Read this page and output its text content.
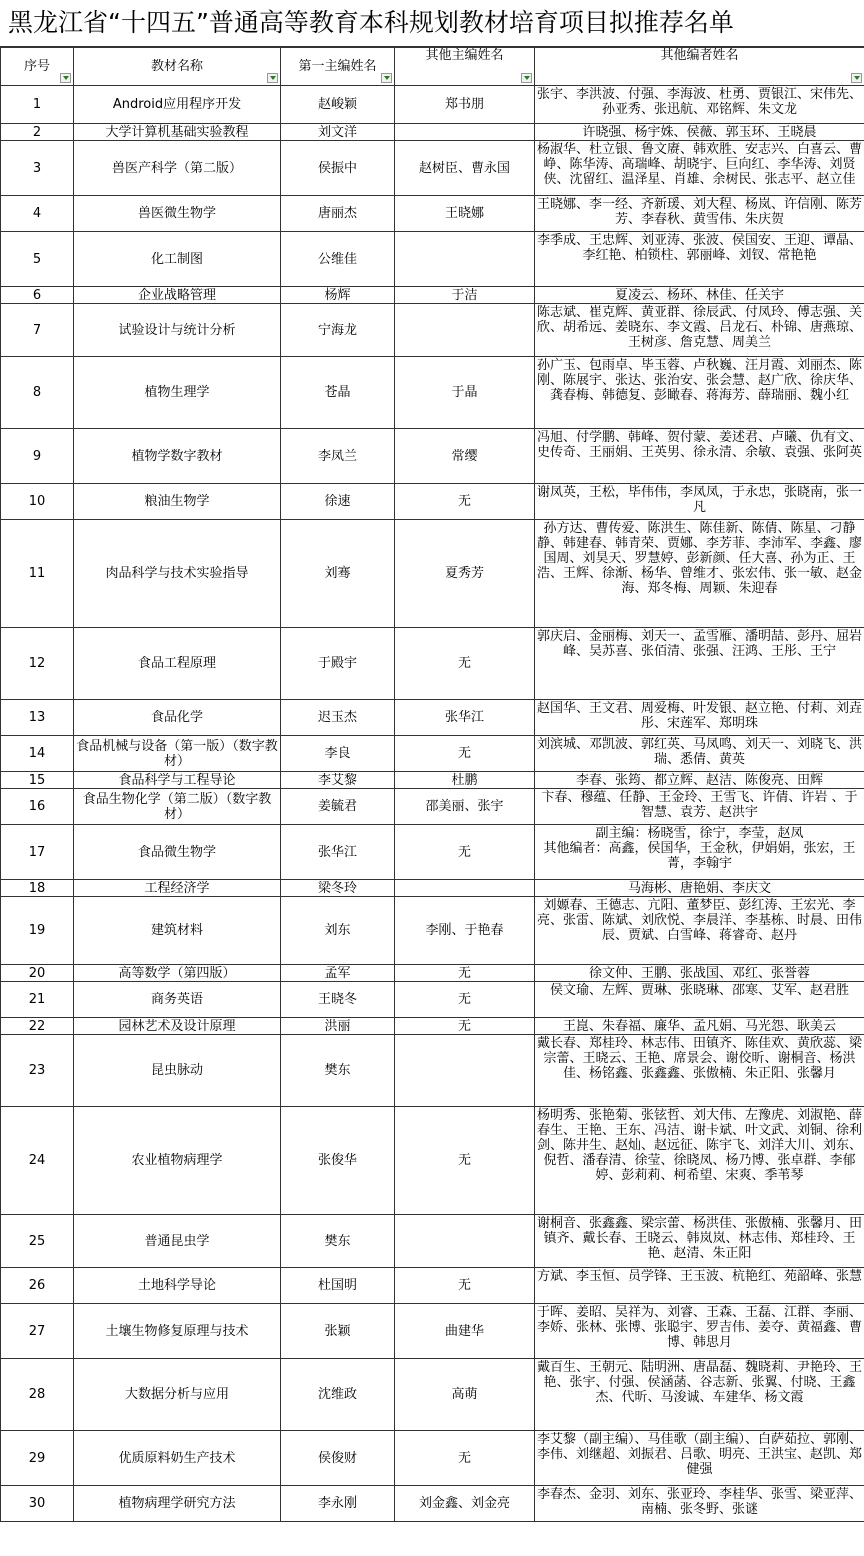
黑龙江省“十四五”普通高等教育本科规划教材培育项目拟推荐名单
序号	教材名称	第一主编姓名	其他主编姓名	其他编者姓名

1	Android应用程序开发	赵峻颖	郑书朋	张宇、李洪波、付强、李海波、杜勇、贾银江、宋伟先、孙亚秀、张迅航、邓铭辉、朱文龙

2	大学计算机基础实验教程	刘文洋		许晓强、杨宇姝、侯薇、郭玉环、王晓晨

3	兽医产科学（第二版）	侯振中	赵树臣、曹永国	杨淑华、杜立银、鲁文赓、韩欢胜、安志兴、白喜云、曹峥、陈华涛、高瑞峰、胡晓宇、巨向红、李华涛、刘贤侠、沈留红、温泽星、肖雄、余树民、张志平、赵立佳

4	兽医微生物学	唐丽杰	王晓娜	王晓娜、李一经、齐新瑗、刘大程、杨岚、许信刚、陈芳芳、李春秋、黄雪伟、朱庆贺

5	化工制图	公维佳		李季成、王忠辉、刘亚涛、张波、侯国安、王迎、谭晶、李红艳、柏锁柱、郭丽峰、刘钗、常艳艳

6	企业战略管理	杨辉	于洁	夏凌云、杨环、林佳、任关宇

7	试验设计与统计分析	宁海龙		陈志斌、崔克辉、黄亚群、徐辰武、付凤玲、傅志强、关欣、胡希远、姜晓东、李文霞、吕龙石、朴锦、唐燕琼、王树彦、詹克慧、周美兰

8	植物生理学	苍晶	于晶	孙广玉、包雨卓、毕玉蓉、卢秋巍、汪月霞、刘丽杰、陈刚、陈展宇、张达、张治安、张会慧、赵广欣、徐庆华、龚春梅、韩德复、彭瞰春、蒋海芳、薛瑞丽、魏小红

9	植物学数字教材	李凤兰	常缨	冯旭、付学鹏、韩峰、贺付蒙、姜述君、卢曦、仇有文、史传奇、王丽娟、王英男、徐永清、余敏、袁强、张阿英

10	粮油生物学	徐速	无	谢凤英，王松，毕伟伟，李凤凤，于永忠，张晓南，张一凡

11	肉品科学与技术实验指导	刘骞	夏秀芳	孙方达、曹传爱、陈洪生、陈佳新、陈倩、陈星、刁静静、韩建春、韩青荣、贾娜、李芳菲、李沛军、李鑫、廖国周、刘昊天、罗慧婷、彭新颜、任大喜、孙为正、王浩、王辉、徐渐、杨华、曾维才、张宏伟、张一敏、赵金海、郑冬梅、周颖、朱迎春

12	食品工程原理	于殿宇	无	郭庆启、金丽梅、刘天一、孟雪雁、潘明喆、彭丹、屈岩峰、吴苏喜、张佰清、张强、汪鸿、王彤、王宁

13	食品化学	迟玉杰	张华江	赵国华、王文君、周爱梅、叶发银、赵立艳、付莉、刘垚彤、宋莲军、郑明珠

14	食品机械与设备（第一版）（数字教材）	李良	无	刘滨城、邓凯波、郭红英、马凤鸣、刘天一、刘晓飞、洪瑞、悉倩、黄英

15	食品科学与工程导论	李艾黎	杜鹏	李春、张筠、都立辉、赵洁、陈俊亮、田辉

16	食品生物化学（第二版）（数字教材）	姜毓君	邵美丽、张宇	卞春、穆蕴、任静、王金玲、王雪飞、许倩、许岩 、于智慧、袁芳、赵洪宇

17	食品微生物学	张华江	无	副主编：杨晓雪，徐宁，李莹，赵凤
其他编者：高鑫，侯国华，王金秋，伊娟娟，张宏，王菁，李翰宇

18	工程经济学	梁冬玲		马海彬、唐艳娟、李庆文

19	建筑材料	刘东	李刚、于艳春	刘嫄春、王德志、亢阳、董梦臣、彭红涛、王宏光、李亮、张雷、陈斌、刘欣悦、李晨洋、李基栋、时晨、田伟辰、贾斌、白雪峰、蒋睿奇、赵丹

20	高等数学（第四版）	孟军	无	徐文仲、王鹏、张战国、邓红、张誉蓉

21	商务英语	王晓冬	无	侯文瑜、左辉、贾琳、张晓琳、邵寒、艾军、赵君胜

22	园林艺术及设计原理	洪丽	无	王崑、朱春福、廉华、孟凡娟、马光怨、耿美云

23	昆虫脉动	樊东		戴长春、郑桂玲、林志伟、田镇齐、陈佳欢、黄欣蕊、梁宗蕾、王晓云、王艳、席景会、谢佼昕、谢桐音、杨洪佳、杨铭鑫、张鑫鑫、张傲楠、朱正阳、张馨月

24	农业植物病理学	张俊华	无	杨明秀、张艳菊、张铉哲、刘大伟、左豫虎、刘淑艳、薛春生、王艳、王东、冯洁、谢卡斌、叶文武、刘铜、徐利剑、陈井生、赵灿、赵远征、陈宇飞、刘洋大川、刘东、倪哲、潘春清、徐莹、徐晓凤、杨乃博、张卓群、李郁婷、彭莉莉、柯希望、宋爽、季苇琴

25	普通昆虫学	樊东		谢桐音、张鑫鑫、梁宗蕾、杨洪佳、张傲楠、张馨月、田镇齐、戴长春、王晓云、韩岚岚、林志伟、郑桂玲、王艳、赵清、朱正阳

26	土地科学导论	杜国明	无	方斌、李玉恒、员学锋、王玉波、杭艳红、苑韶峰、张慧

27	土壤生物修复原理与技术	张颖	曲建华	于晖、姜昭、吴祥为、刘睿、王森、王磊、江群、李丽、李娇、张林、张博、张聪宇、罗吉伟、姜夺、黄福鑫、曹博、韩思月

28	大数据分析与应用	沈维政	高萌	戴百生、王朝元、陆明洲、唐晶磊、魏晓莉、尹艳玲、王艳、张宇、付强、侯涵菡、谷志新、张翼、付晓、王鑫杰、代昕、马浚诚、车建华、杨文霞

29	优质原料奶生产技术	侯俊财	无	李艾黎（副主编）、马佳歌（副主编）、白萨茹拉、郭刚、李伟、刘继超、刘振君、吕歌、明亮、王洪宝、赵凯、郑健强

30	植物病理学研究方法	李永刚	刘金鑫、刘金亮	李春杰、金羽、刘东、张亚玲、李桂华、张雪、梁亚萍、南楠、张冬野、张谜
